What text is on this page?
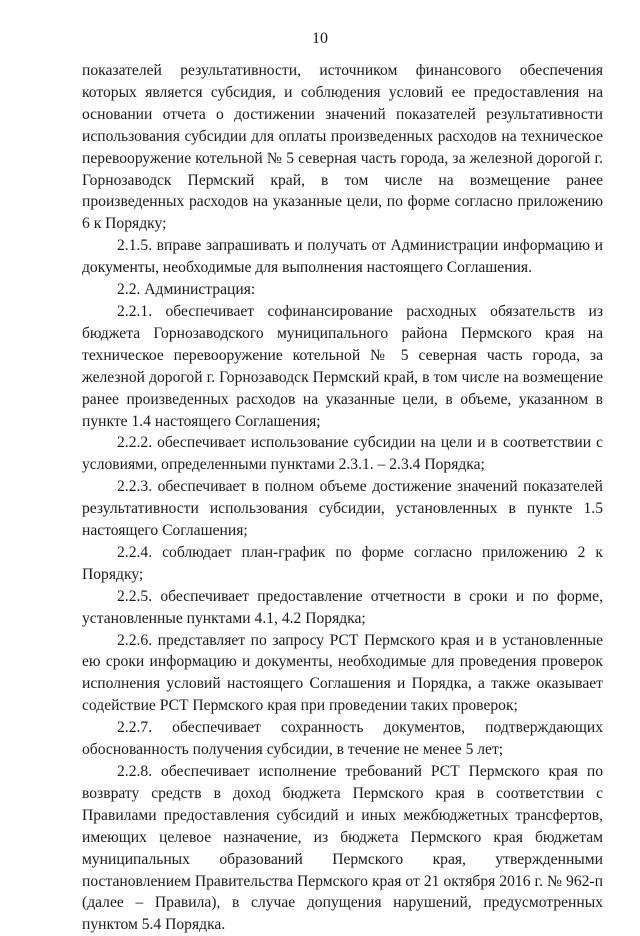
10

показателей результативности, источником финансового обеспечения которых является субсидия, и соблюдения условий ее предоставления на основании отчета о достижении значений показателей результативности использования субсидии для оплаты произведенных расходов на техническое перевооружение котельной № 5 северная часть города, за железной дорогой г. Горнозаводск Пермский край, в том числе на возмещение ранее произведенных расходов на указанные цели, по форме согласно приложению 6 к Порядку;

2.1.5. вправе запрашивать и получать от Администрации информацию и документы, необходимые для выполнения настоящего Соглашения.

2.2. Администрация:

2.2.1. обеспечивает софинансирование расходных обязательств из бюджета Горнозаводского муниципального района Пермского края на техническое перевооружение котельной № 5 северная часть города, за железной дорогой г. Горнозаводск Пермский край, в том числе на возмещение ранее произведенных расходов на указанные цели, в объеме, указанном в пункте 1.4 настоящего Соглашения;

2.2.2. обеспечивает использование субсидии на цели и в соответствии с условиями, определенными пунктами 2.3.1. – 2.3.4 Порядка;

2.2.3. обеспечивает в полном объеме достижение значений показателей результативности использования субсидии, установленных в пункте 1.5 настоящего Соглашения;

2.2.4. соблюдает план-график по форме согласно приложению 2 к Порядку;

2.2.5. обеспечивает предоставление отчетности в сроки и по форме, установленные пунктами 4.1, 4.2 Порядка;

2.2.6. представляет по запросу РСТ Пермского края и в установленные ею сроки информацию и документы, необходимые для проведения проверок исполнения условий настоящего Соглашения и Порядка, а также оказывает содействие РСТ Пермского края при проведении таких проверок;

2.2.7. обеспечивает сохранность документов, подтверждающих обоснованность получения субсидии, в течение не менее 5 лет;

2.2.8. обеспечивает исполнение требований РСТ Пермского края по возврату средств в доход бюджета Пермского края в соответствии с Правилами предоставления субсидий и иных межбюджетных трансфертов, имеющих целевое назначение, из бюджета Пермского края бюджетам муниципальных образований Пермского края, утвержденными постановлением Правительства Пермского края от 21 октября 2016 г. № 962-п (далее – Правила), в случае допущения нарушений, предусмотренных пунктом 5.4 Порядка.
